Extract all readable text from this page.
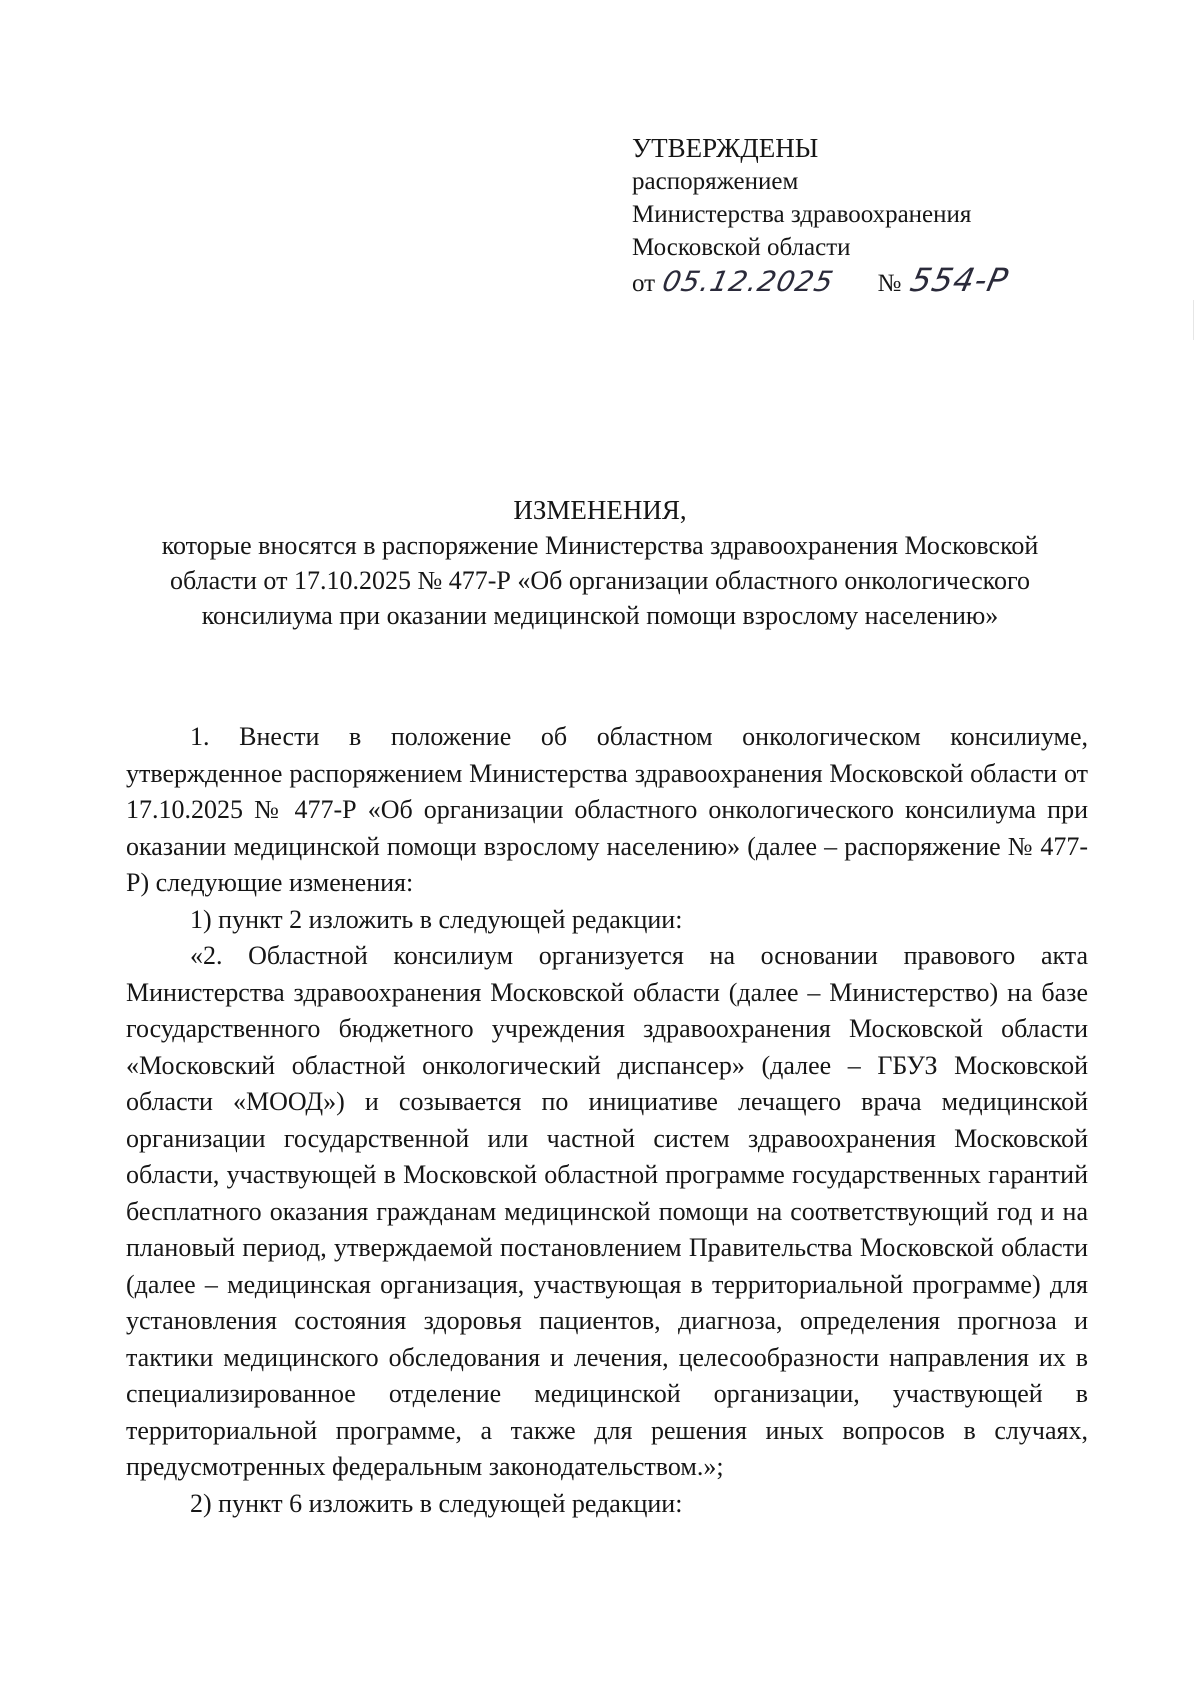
УТВЕРЖДЕНЫ
распоряжением
Министерства здравоохранения
Московской области
от 05.12.2025 № 554-Р
ИЗМЕНЕНИЯ,
которые вносятся в распоряжение Министерства здравоохранения Московской
области от 17.10.2025 № 477-Р «Об организации областного онкологического
консилиума при оказании медицинской помощи взрослому населению»

1. Внести в положение об областном онкологическом консилиуме, утвержденное распоряжением Министерства здравоохранения Московской области от 17.10.2025 № 477-Р «Об организации областного онкологического консилиума при оказании медицинской помощи взрослому населению» (далее – распоряжение № 477-Р) следующие изменения:

1) пункт 2 изложить в следующей редакции:

«2. Областной консилиум организуется на основании правового акта Министерства здравоохранения Московской области (далее – Министерство) на базе государственного бюджетного учреждения здравоохранения Московской области «Московский областной онкологический диспансер» (далее – ГБУЗ Московской области «МООД») и созывается по инициативе лечащего врача медицинской организации государственной или частной систем здравоохранения Московской области, участвующей в Московской областной программе государственных гарантий бесплатного оказания гражданам медицинской помощи на соответствующий год и на плановый период, утверждаемой постановлением Правительства Московской области (далее – медицинская организация, участвующая в территориальной программе) для установления состояния здоровья пациентов, диагноза, определения прогноза и тактики медицинского обследования и лечения, целесообразности направления их в специализированное отделение медицинской организации, участвующей в территориальной программе, а также для решения иных вопросов в случаях, предусмотренных федеральным законодательством.»;

2) пункт 6 изложить в следующей редакции:
